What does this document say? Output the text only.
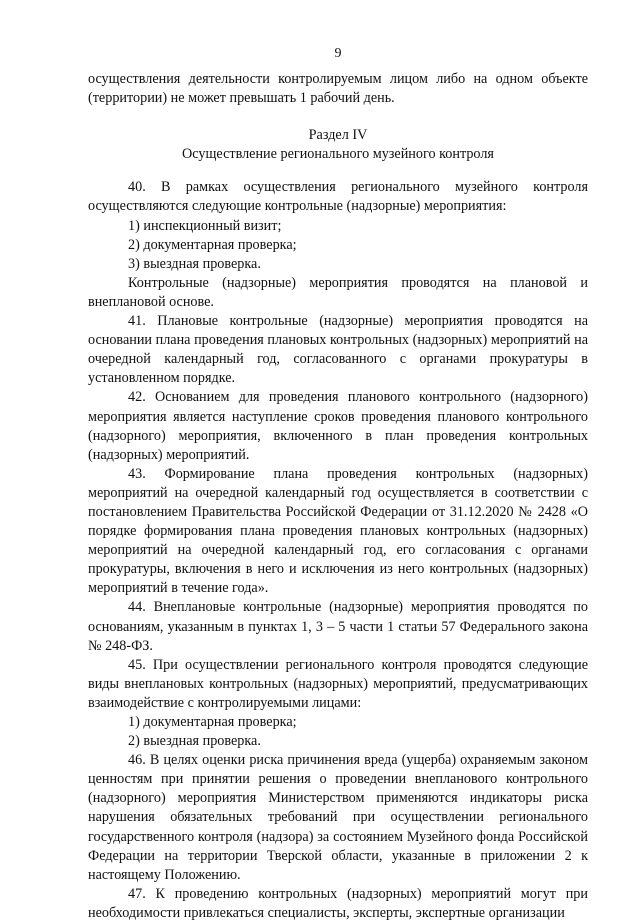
9

осуществления деятельности контролируемым лицом либо на одном объекте (территории) не может превышать 1 рабочий день.

Раздел IV

Осуществление регионального музейного контроля

40. В рамках осуществления регионального музейного контроля осуществляются следующие контрольные (надзорные) мероприятия:

1) инспекционный визит;

2) документарная проверка;

3) выездная проверка.

Контрольные (надзорные) мероприятия проводятся на плановой и внеплановой основе.

41. Плановые контрольные (надзорные) мероприятия проводятся на основании плана проведения плановых контрольных (надзорных) мероприятий на очередной календарный год, согласованного с органами прокуратуры в установленном порядке.

42. Основанием для проведения планового контрольного (надзорного) мероприятия является наступление сроков проведения планового контрольного (надзорного) мероприятия, включенного в план проведения контрольных (надзорных) мероприятий.

43. Формирование плана проведения контрольных (надзорных) мероприятий на очередной календарный год осуществляется в соответствии с постановлением Правительства Российской Федерации от 31.12.2020 № 2428 «О порядке формирования плана проведения плановых контрольных (надзорных) мероприятий на очередной календарный год, его согласования с органами прокуратуры, включения в него и исключения из него контрольных (надзорных) мероприятий в течение года».

44. Внеплановые контрольные (надзорные) мероприятия проводятся по основаниям, указанным в пунктах 1, 3 – 5 части 1 статьи 57 Федерального закона № 248-ФЗ.

45. При осуществлении регионального контроля проводятся следующие виды внеплановых контрольных (надзорных) мероприятий, предусматривающих взаимодействие с контролируемыми лицами:

1) документарная проверка;

2) выездная проверка.

46. В целях оценки риска причинения вреда (ущерба) охраняемым законом ценностям при принятии решения о проведении внепланового контрольного (надзорного) мероприятия Министерством применяются индикаторы риска нарушения обязательных требований при осуществлении регионального государственного контроля (надзора) за состоянием Музейного фонда Российской Федерации на территории Тверской области, указанные в приложении 2 к настоящему Положению.

47. К проведению контрольных (надзорных) мероприятий могут при необходимости привлекаться специалисты, эксперты, экспертные организации
